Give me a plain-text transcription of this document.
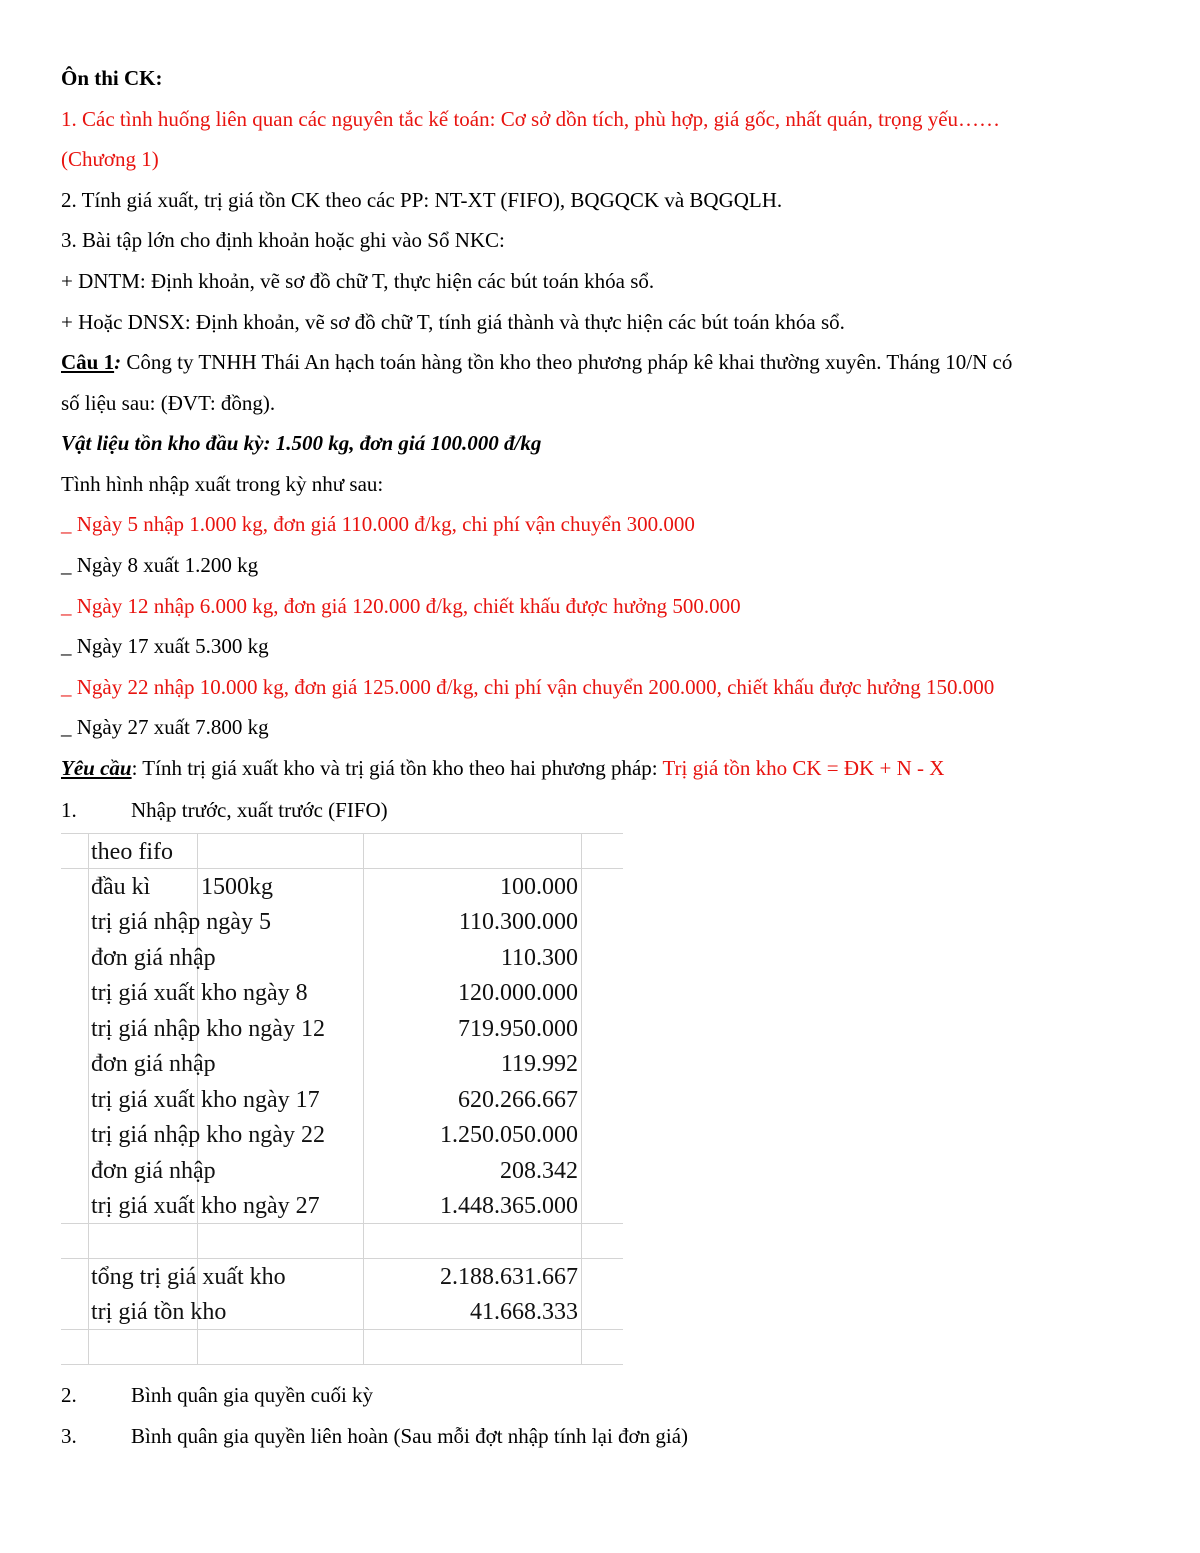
Ôn thi CK:
1. Các tình huống liên quan các nguyên tắc kế toán: Cơ sở dồn tích, phù hợp, giá gốc, nhất quán, trọng yếu……
(Chương 1)
2. Tính giá xuất, trị giá tồn CK theo các PP: NT-XT (FIFO), BQGQCK và BQGQLH.
3. Bài tập lớn cho định khoản hoặc ghi vào Sổ NKC:
+ DNTM: Định khoản, vẽ sơ đồ chữ T, thực hiện các bút toán khóa sổ.
+ Hoặc DNSX: Định khoản, vẽ sơ đồ chữ T, tính giá thành và thực hiện các bút toán khóa sổ.
Câu 1: Công ty TNHH Thái An hạch toán hàng tồn kho theo phương pháp kê khai thường xuyên. Tháng 10/N có
số liệu sau: (ĐVT: đồng).
Vật liệu tồn kho đầu kỳ: 1.500 kg, đơn giá 100.000 đ/kg
Tình hình nhập xuất trong kỳ như sau:
_ Ngày 5 nhập 1.000 kg, đơn giá 110.000 đ/kg, chi phí vận chuyển 300.000
_ Ngày 8 xuất 1.200 kg
_ Ngày 12 nhập 6.000 kg, đơn giá 120.000 đ/kg, chiết khấu được hưởng 500.000
_ Ngày 17 xuất 5.300 kg
_ Ngày 22 nhập 10.000 kg, đơn giá 125.000 đ/kg, chi phí vận chuyển 200.000, chiết khấu được hưởng 150.000
_ Ngày 27 xuất 7.800 kg
Yêu cầu: Tính trị giá xuất kho và trị giá tồn kho theo hai phương pháp: Trị giá tồn kho CK = ĐK + N - X
1.	Nhập trước, xuất trước (FIFO)
theo fifo
đầu kì 1500kg	100.000
trị giá nhập ngày 5	110.300.000
đơn giá nhập	110.300
trị giá xuất kho ngày 8	120.000.000
trị giá nhập kho ngày 12	719.950.000
đơn giá nhập	119.992
trị giá xuất kho ngày 17	620.266.667
trị giá nhập kho ngày 22	1.250.050.000
đơn giá nhập	208.342
trị giá xuất kho ngày 27	1.448.365.000
tổng trị giá xuất kho	2.188.631.667
trị giá tồn kho	41.668.333
2.	Bình quân gia quyền cuối kỳ
3.	Bình quân gia quyền liên hoàn (Sau mỗi đợt nhập tính lại đơn giá)
